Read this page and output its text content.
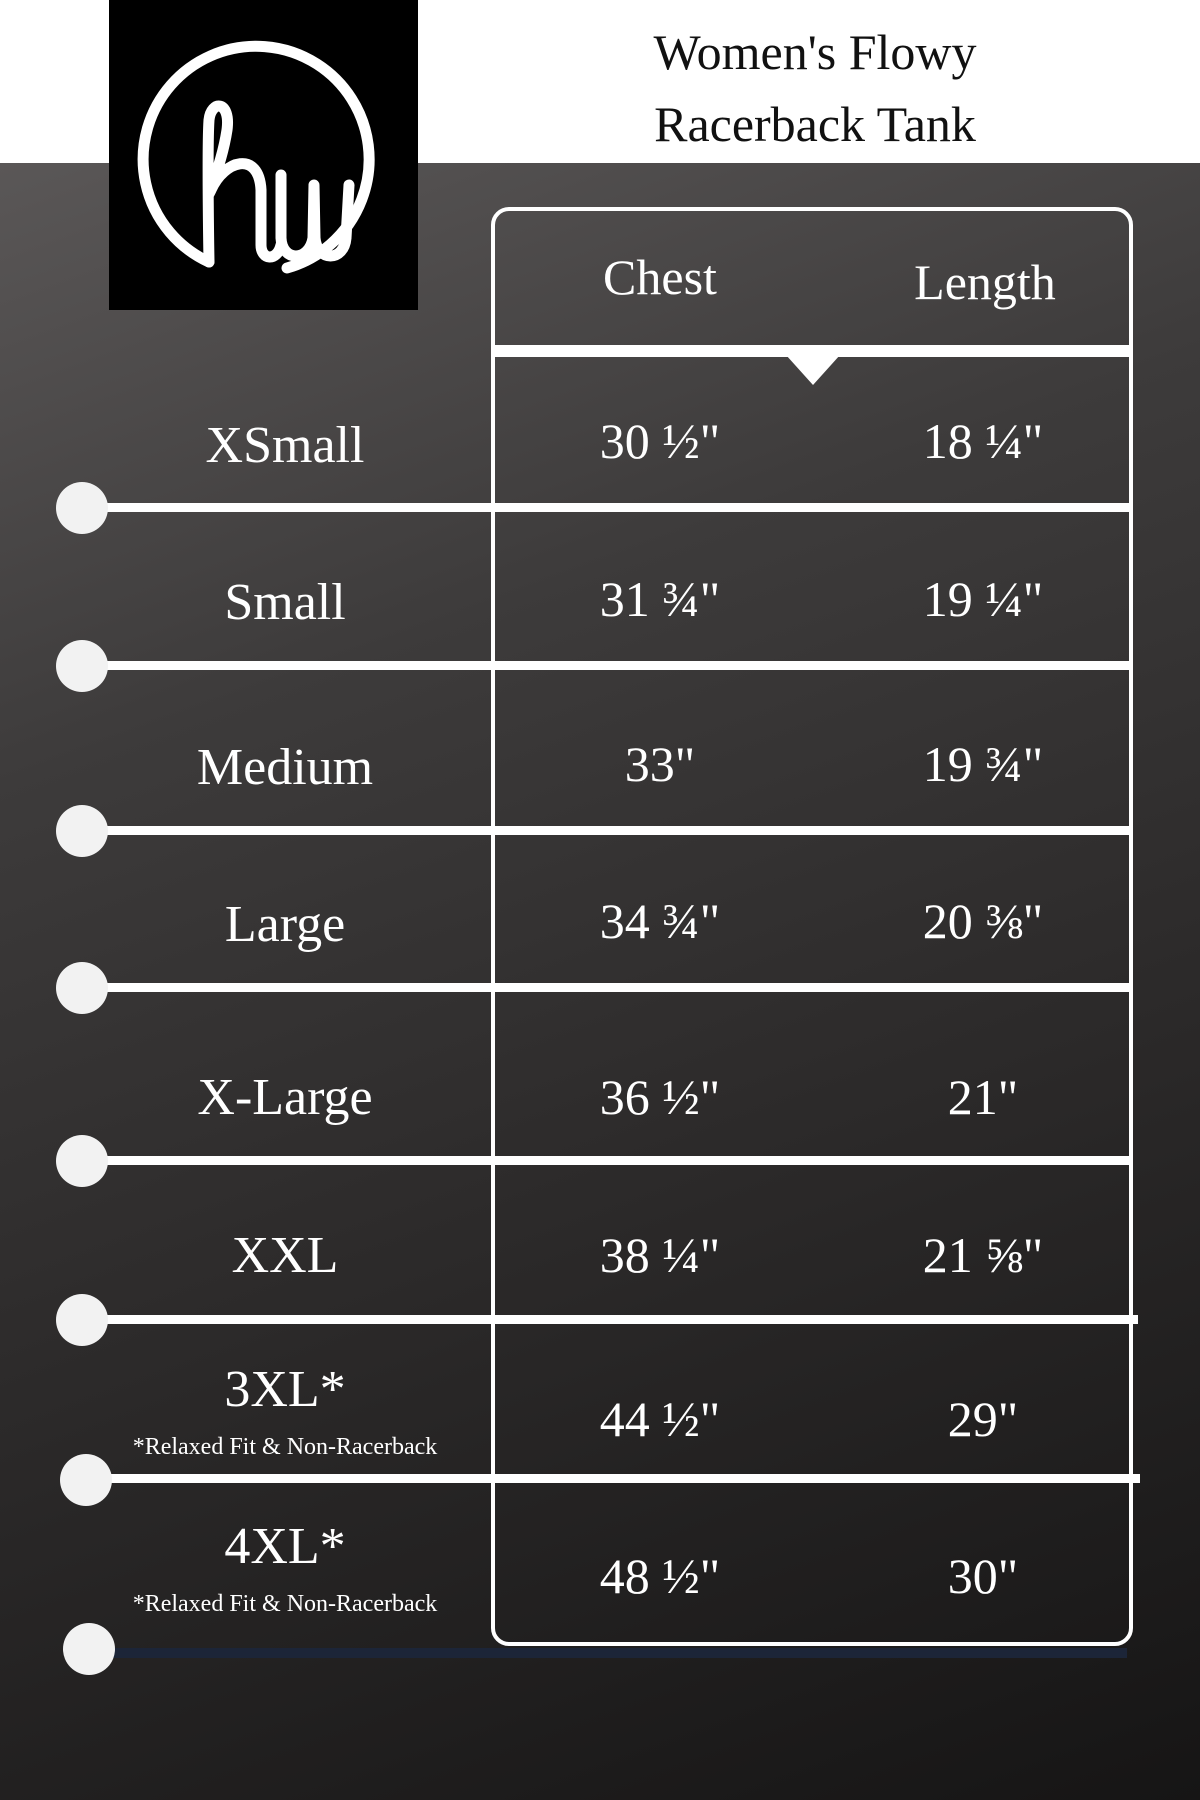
Women's Flowy
Racerback Tank
Chest	Length
XSmall	30 ½"	18 ¼"
Small	31 ¾"	19 ¼"
Medium	33"	19 ¾"
Large	34 ¾"	20 ⅜"
X-Large	36 ½"	21"
XXL	38 ¼"	21 ⅝"
3XL*
*Relaxed Fit & Non-Racerback	44 ½"	29"
4XL*
*Relaxed Fit & Non-Racerback	48 ½"	30"
